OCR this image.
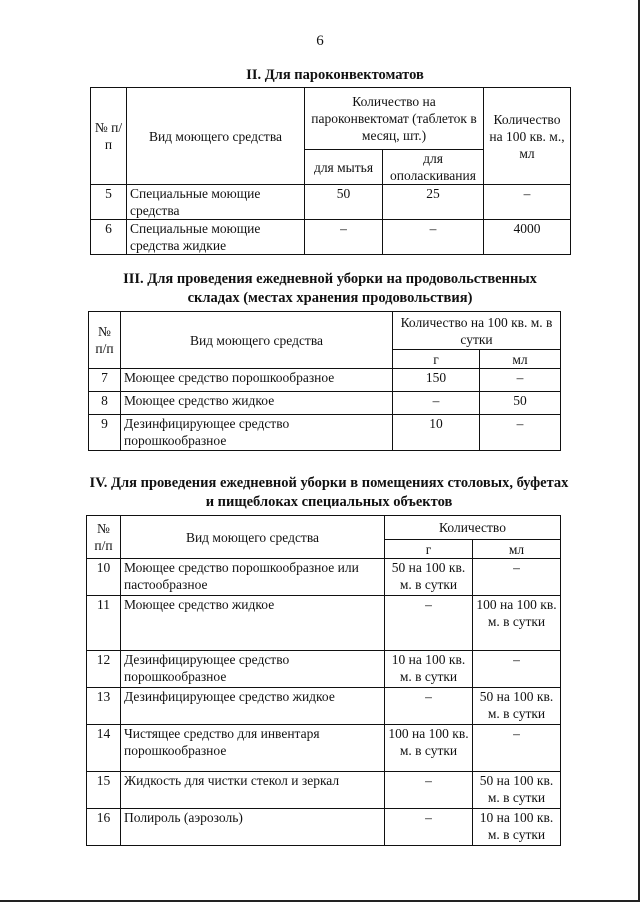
6
II. Для пароконвектоматов
№ п/п	Вид моющего средства	Количество на пароконвектомат (таблеток в месяц, шт.)		Количество на 100 кв. м., мл
		для мытья	для ополаскивания	
5	Специальные моющие средства	50	25	–
6	Специальные моющие средства жидкие	–	–	4000
III. Для проведения ежедневной уборки на продовольственных складах (местах хранения продовольствия)
№ п/п	Вид моющего средства	Количество на 100 кв. м. в сутки	
		г	мл
7	Моющее средство порошкообразное	150	–
8	Моющее средство жидкое	–	50
9	Дезинфицирующее средство порошкообразное	10	–
IV. Для проведения ежедневной уборки в помещениях столовых, буфетах и пищеблоках специальных объектов
№ п/п	Вид моющего средства	Количество	
		г	мл
10	Моющее средство порошкообразное или пастообразное	50 на 100 кв. м. в сутки	–
11	Моющее средство жидкое	–	100 на 100 кв. м. в сутки
12	Дезинфицирующее средство порошкообразное	10 на 100 кв. м. в сутки	–
13	Дезинфицирующее средство жидкое	–	50 на 100 кв. м. в сутки
14	Чистящее средство для инвентаря порошкообразное	100 на 100 кв. м. в сутки	–
15	Жидкость для чистки стекол и зеркал	–	50 на 100 кв. м. в сутки
16	Полироль (аэрозоль)	–	10 на 100 кв. м. в сутки
